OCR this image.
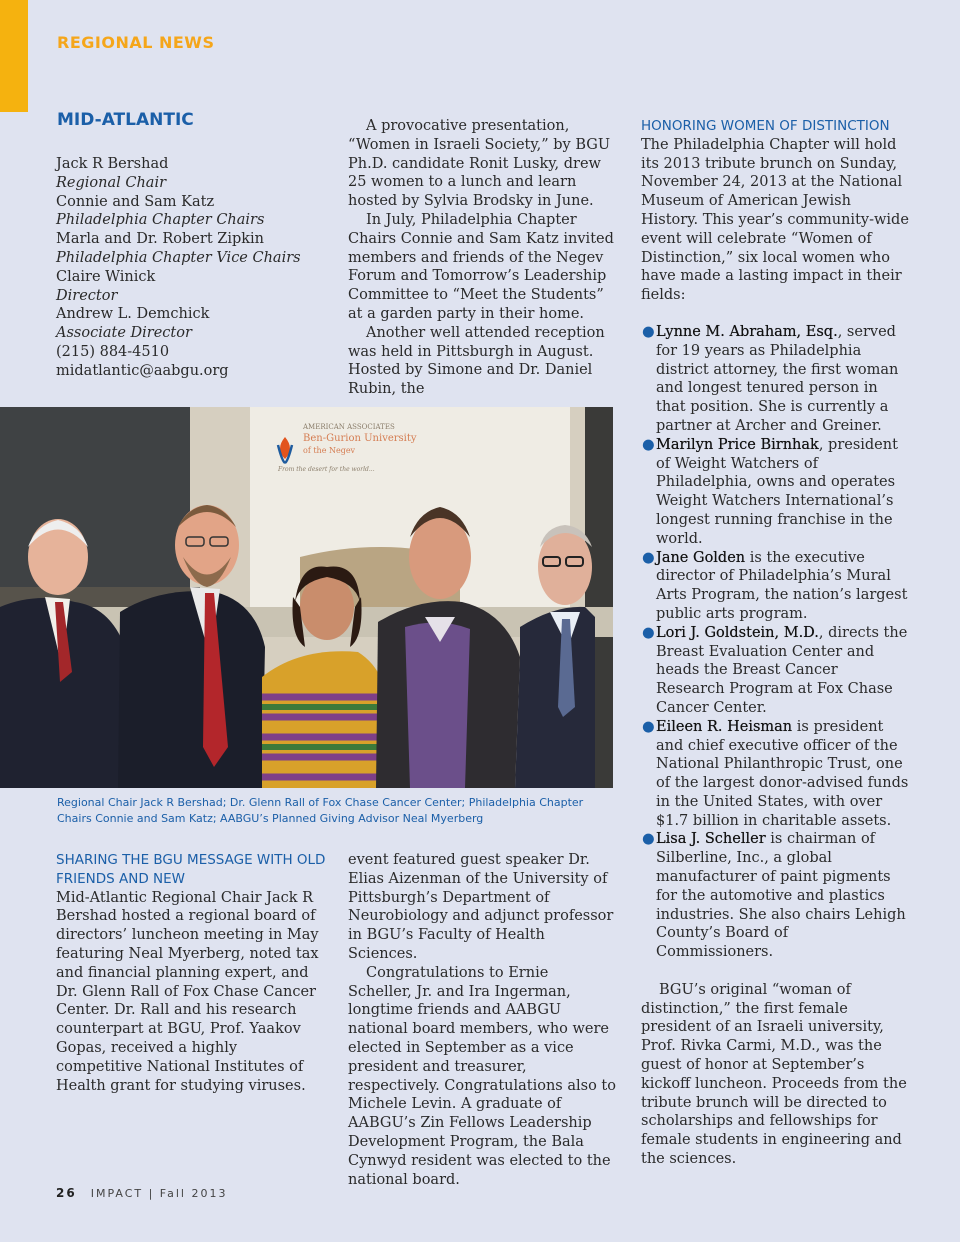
REGIONAL NEWS
MID-ATLANTIC
Jack R Bershad
Regional Chair
Connie and Sam Katz
Philadelphia Chapter Chairs
Marla and Dr. Robert Zipkin
Philadelphia Chapter Vice Chairs
Claire Winick
Director
Andrew L. Demchick
Associate Director
(215) 884-4510
midatlantic@aabgu.org

A provocative presentation, “Women in Israeli Society,” by BGU Ph.D. candidate Ronit Lusky, drew 25 women to a lunch and learn hosted by Sylvia Brodsky in June.

In July, Philadelphia Chapter Chairs Connie and Sam Katz invited members and friends of the Negev Forum and Tomorrow’s Leadership Committee to “Meet the Students” at a garden party in their home.

Another well attended reception was held in Pittsburgh in August. Hosted by Simone and Dr. Daniel Rubin, the

AMERICAN ASSOCIATES
Ben-Gurion University
of the Negev
From the desert for the world...
Regional Chair Jack R Bershad; Dr. Glenn Rall of Fox Chase Cancer Center; Philadelphia Chapter Chairs Connie and Sam Katz; AABGU’s Planned Giving Advisor Neal Myerberg
SHARING THE BGU MESSAGE WITH OLD FRIENDS AND NEW

Mid-Atlantic Regional Chair Jack R Bershad hosted a regional board of directors’ luncheon meeting in May featuring Neal Myerberg, noted tax and financial planning expert, and Dr. Glenn Rall of Fox Chase Cancer Center. Dr. Rall and his research counterpart at BGU, Prof. Yaakov Gopas, received a highly competitive National Institutes of Health grant for studying viruses.

event featured guest speaker Dr. Elias Aizenman of the University of Pittsburgh’s Department of Neurobiology and adjunct professor in BGU’s Faculty of Health Sciences.

Congratulations to Ernie Scheller, Jr. and Ira Ingerman, longtime friends and AABGU national board members, who were elected in September as a vice president and treasurer, respectively. Congratulations also to Michele Levin. A graduate of AABGU’s Zin Fellows Leadership Development Program, the Bala Cynwyd resident was elected to the national board.

HONORING WOMEN OF DISTINCTION

The Philadelphia Chapter will hold its 2013 tribute brunch on Sunday, November 24, 2013 at the National Museum of American Jewish History. This year’s community-wide event will celebrate “Women of Distinction,” six local women who have made a lasting impact in their fields:

● Lynne M. Abraham, Esq., served for 19 years as Philadelphia district attorney, the first woman and longest tenured person in that position. She is currently a partner at Archer and Greiner.
● Marilyn Price Birnhak, president of Weight Watchers of Philadelphia, owns and operates Weight Watchers International’s longest running franchise in the world.
● Jane Golden is the executive director of Philadelphia’s Mural Arts Program, the nation’s largest public arts program.
● Lori J. Goldstein, M.D., directs the Breast Evaluation Center and heads the Breast Cancer Research Program at Fox Chase Cancer Center.
● Eileen R. Heisman is president and chief executive officer of the National Philanthropic Trust, one of the largest donor-advised funds in the United States, with over $1.7 billion in charitable assets.
● Lisa J. Scheller is chairman of Silberline, Inc., a global manufacturer of paint pigments for the automotive and plastics industries. She also chairs Lehigh County’s Board of Commissioners.

BGU’s original “woman of distinction,” the first female president of an Israeli university, Prof. Rivka Carmi, M.D., was the guest of honor at September’s kickoff luncheon. Proceeds from the tribute brunch will be directed to scholarships and fellowships for female students in engineering and the sciences.

26 IMPACT | Fall 2013
